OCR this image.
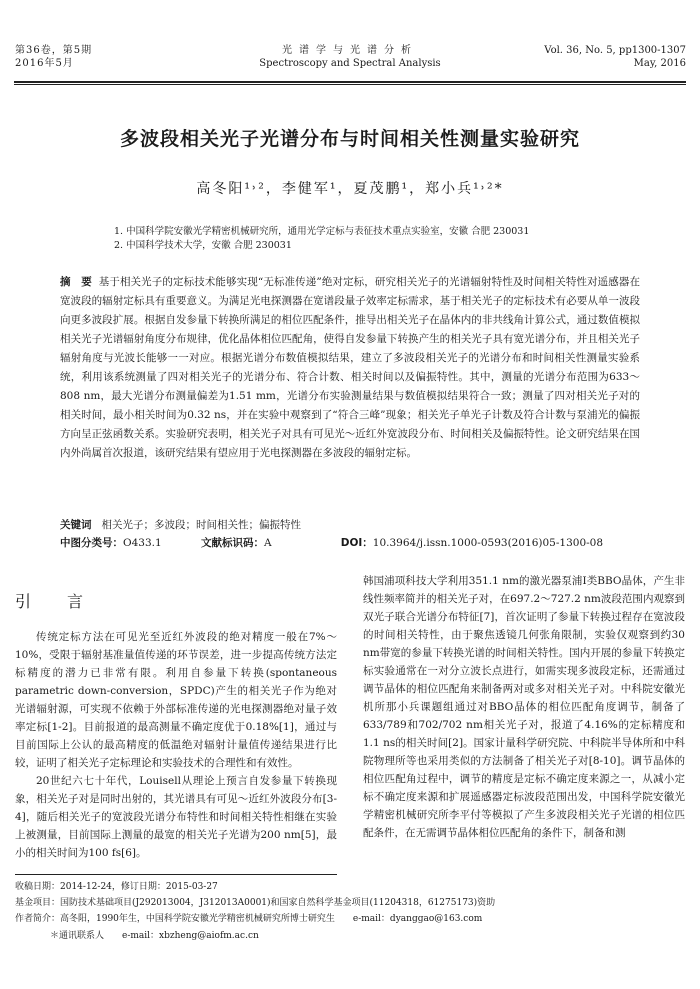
第36卷，第5期
2016年5月
光谱学与光谱分析
Spectroscopy and Spectral Analysis
Vol. 36, No. 5, pp1300-1307
May, 2016
多波段相关光子光谱分布与时间相关性测量实验研究
高冬阳¹˒²，李健军¹，夏茂鹏¹，郑小兵¹˒²*
1. 中国科学院安徽光学精密机械研究所，通用光学定标与表征技术重点实验室，安徽 合肥 230031
2. 中国科学技术大学，安徽 合肥 230031
摘　要 基于相关光子的定标技术能够实现“无标准传递”绝对定标，研究相关光子的光谱辐射特性及时间相关特性对遥感器在宽波段的辐射定标具有重要意义。为满足光电探测器在宽谱段量子效率定标需求，基于相关光子的定标技术有必要从单一波段向更多波段扩展。根据自发参量下转换所满足的相位匹配条件，推导出相关光子在晶体内的非共线角计算公式，通过数值模拟相关光子光谱辐射角度分布规律，优化晶体相位匹配角，使得自发参量下转换产生的相关光子具有宽光谱分布，并且相关光子辐射角度与光波长能够一一对应。根据光谱分布数值模拟结果，建立了多波段相关光子的光谱分布和时间相关性测量实验系统，利用该系统测量了四对相关光子的光谱分布、符合计数、相关时间以及偏振特性。其中，测量的光谱分布范围为633～808 nm，最大光谱分布测量偏差为1.51 mm，光谱分布实验测量结果与数值模拟结果符合一致；测量了四对相关光子对的相关时间，最小相关时间为0.32 ns，并在实验中观察到了“符合三峰”现象；相关光子单光子计数及符合计数与泵浦光的偏振方向呈正弦函数关系。实验研究表明，相关光子对具有可见光～近红外宽波段分布、时间相关及偏振特性。论文研究结果在国内外尚属首次报道，该研究结果有望应用于光电探测器在多波段的辐射定标。
关键词 相关光子；多波段；时间相关性；偏振特性
中图分类号：O433.1	文献标识码：A	DOI：10.3964/j.issn.1000-0593(2016)05-1300-08
引　言

传统定标方法在可见光至近红外波段的绝对精度一般在7%～10%，受限于辐射基准量值传递的环节误差，进一步提高传统方法定标精度的潜力已非常有限。利用自参量下转换(spontaneous parametric down-conversion，SPDC)产生的相关光子作为绝对光谱辐射源，可实现不依赖于外部标准传递的光电探测器绝对量子效率定标[1-2]。目前报道的最高测量不确定度优于0.18%[1]，通过与目前国际上公认的最高精度的低温绝对辐射计量值传递结果进行比较，证明了相关光子定标理论和实验技术的合理性和有效性。

20世纪六七十年代，Louisell从理论上预言自发参量下转换现象，相关光子对是同时出射的，其光谱具有可见～近红外波段分布[3-4]，随后相关光子的宽波段光谱分布特性和时间相关特性相继在实验上被测量，目前国际上测量的最宽的相关光子光谱为200 nm[5]，最小的相关时间为100 fs[6]。

韩国浦项科技大学利用351.1 nm的激光器泵浦Ⅰ类BBO晶体，产生非线性频率简并的相关光子对，在697.2～727.2 nm波段范围内观察到双光子联合光谱分布特征[7]，首次证明了参量下转换过程存在宽波段的时间相关特性，由于聚焦透镜几何张角限制，实验仅观察到约30 nm带宽的参量下转换光谱的时间相关特性。国内开展的参量下转换定标实验通常在一对分立波长点进行，如需实现多波段定标，还需通过调节晶体的相位匹配角来制备两对或多对相关光子对。中科院安徽光机所那小兵课题组通过对BBO晶体的相位匹配角度调节，制备了633/789和702/702 nm相关光子对，报道了4.16%的定标精度和1.1 ns的相关时间[2]。国家计量科学研究院、中科院半导体所和中科院物理所等也采用类似的方法制备了相关光子对[8-10]。调节晶体的相位匹配角过程中，调节的精度是定标不确定度来源之一，从减小定标不确定度来源和扩展遥感器定标波段范围出发，中国科学院安徽光学精密机械研究所李平付等模拟了产生多波段相关光子光谱的相位匹配条件，在无需调节晶体相位匹配角的条件下，制备和测

收稿日期：2014-12-24，修订日期：2015-03-27
基金项目：国防技术基础项目(J292013004，J312013A0001)和国家自然科学基金项目(11204318，61275173)资助
作者简介：高冬阳，1990年生，中国科学院安徽光学精密机械研究所博士研究生　　e-mail：dyanggao@163.com
＊通讯联系人　　e-mail：xbzheng@aiofm.ac.cn
